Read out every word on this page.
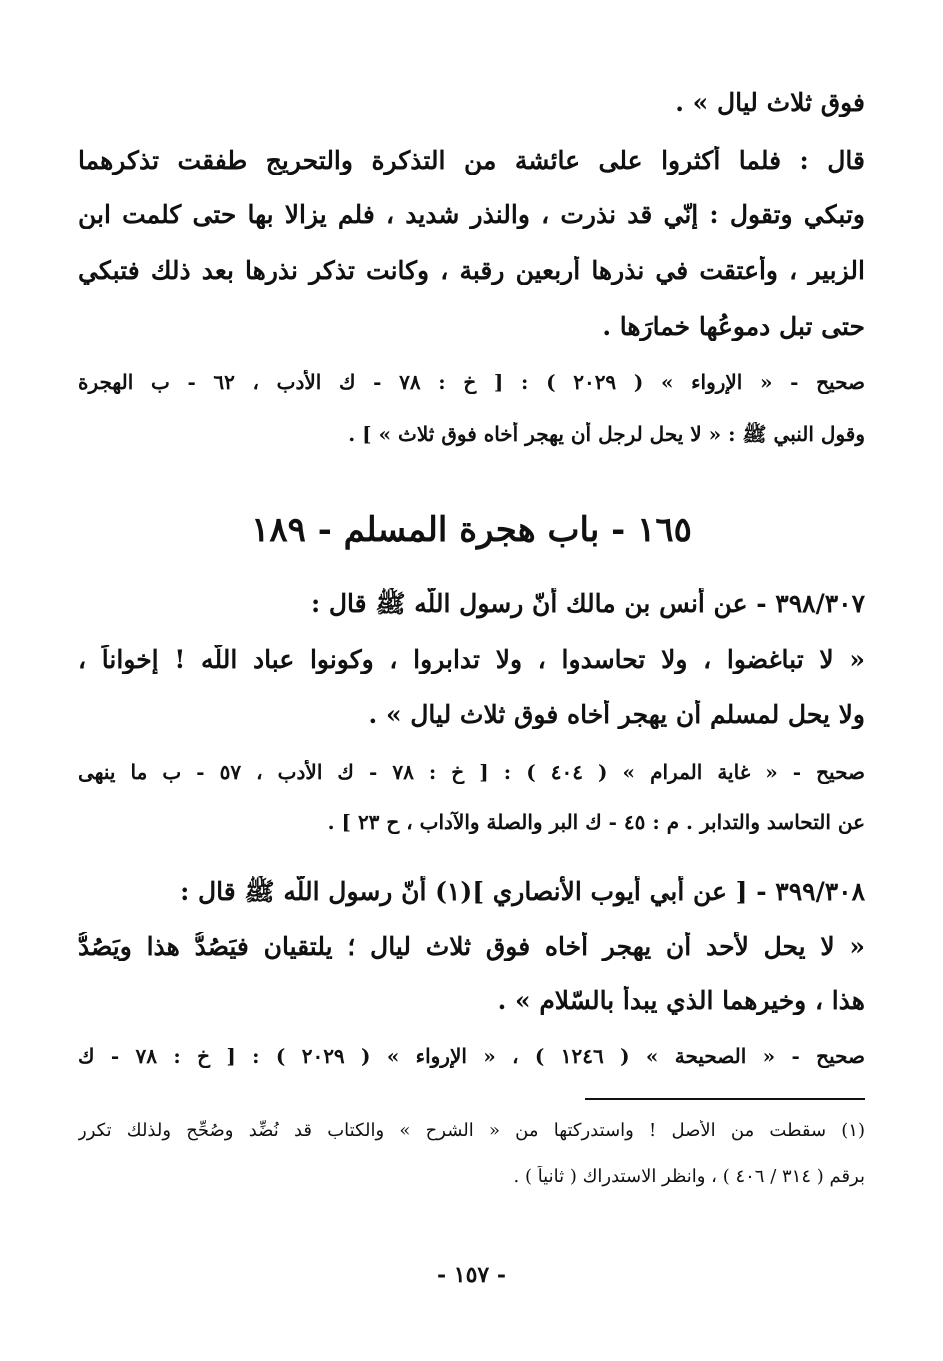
فوق ثلاث ليال » .
قال : فلما أكثروا على عائشة من التذكرة والتحريج طفقت تذكرهما
وتبكي وتقول : إنّي قد نذرت ، والنذر شديد ، فلم يزالا بها حتى كلمت ابن
الزبير ، وأعتقت في نذرها أربعين رقبة ، وكانت تذكر نذرها بعد ذلك فتبكي
حتى تبل دموعُها خمارَها .
صحيح - « الإرواء » ( ٢٠٢٩ ) : [ خ : ٧٨ - ك الأدب ، ٦٢ - ب الهجرة
وقول النبي ﷺ : « لا يحل لرجل أن يهجر أخاه فوق ثلاث » ] .
١٦٥ - باب هجرة المسلم - ١٨٩
٣٩٨/٣٠٧ - عن أنس بن مالك أنّ رسول اللّه ﷺ قال :
« لا تباغضوا ، ولا تحاسدوا ، ولا تدابروا ، وكونوا عباد اللّه ! إخواناً ،
ولا يحل لمسلم أن يهجر أخاه فوق ثلاث ليال » .
صحيح - « غاية المرام » ( ٤٠٤ ) : [ خ : ٧٨ - ك الأدب ، ٥٧ - ب ما ينهى
عن التحاسد والتدابر . م : ٤٥ - ك البر والصلة والآداب ، ح ٢٣ ] .
٣٩٩/٣٠٨ - [ عن أبي أيوب الأنصاري ](١) أنّ رسول اللّه ﷺ قال :
« لا يحل لأحد أن يهجر أخاه فوق ثلاث ليال ؛ يلتقيان فيَصُدُّ هذا ويَصُدُّ
هذا ، وخيرهما الذي يبدأ بالسّلام » .
صحيح - « الصحيحة » ( ١٢٤٦ ) ، « الإرواء » ( ٢٠٢٩ ) : [ خ : ٧٨ - ك
(١) سقطت من الأصل ! واستدركتها من « الشرح » والكتاب قد نُضِّد وصُحِّح ولذلك تكرر
برقم ( ٣١٤ / ٤٠٦ ) ، وانظر الاستدراك ( ثانياً ) .
- ١٥٧ -
